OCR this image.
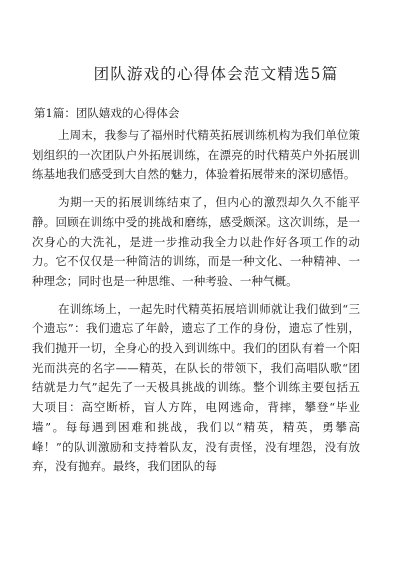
团队游戏的心得体会范文精选5篇
第1篇：团队嬉戏的心得体会

上周末，我参与了福州时代精英拓展训练机构为我们单位策划组织的一次团队户外拓展训练，在漂亮的时代精英户外拓展训练基地我们感受到大自然的魅力，体验着拓展带来的深切感悟。

为期一天的拓展训练结束了，但内心的激烈却久久不能平静。回顾在训练中受的挑战和磨练，感受颇深。这次训练，是一次身心的大洗礼，是进一步推动我全力以赴作好各项工作的动力。它不仅仅是一种简洁的训练，而是一种文化、一种精神、一种理念；同时也是一种思维、一种考验、一种气概。

在训练场上，一起先时代精英拓展培训师就让我们做到“三个遗忘”：我们遗忘了年龄，遗忘了工作的身份，遗忘了性别，我们抛开一切，全身心的投入到训练中。我们的团队有着一个阳光而洪亮的名字——精英，在队长的带领下，我们高唱队歌“团结就是力气”起先了一天极具挑战的训练。整个训练主要包括五大项目：高空断桥，盲人方阵，电网逃命，背摔，攀登“毕业墙”。每每遇到困难和挑战，我们以“精英，精英，勇攀高峰！”的队训激励和支持着队友，没有责怪，没有埋怨，没有放弃，没有抛弃。最终，我们团队的每
